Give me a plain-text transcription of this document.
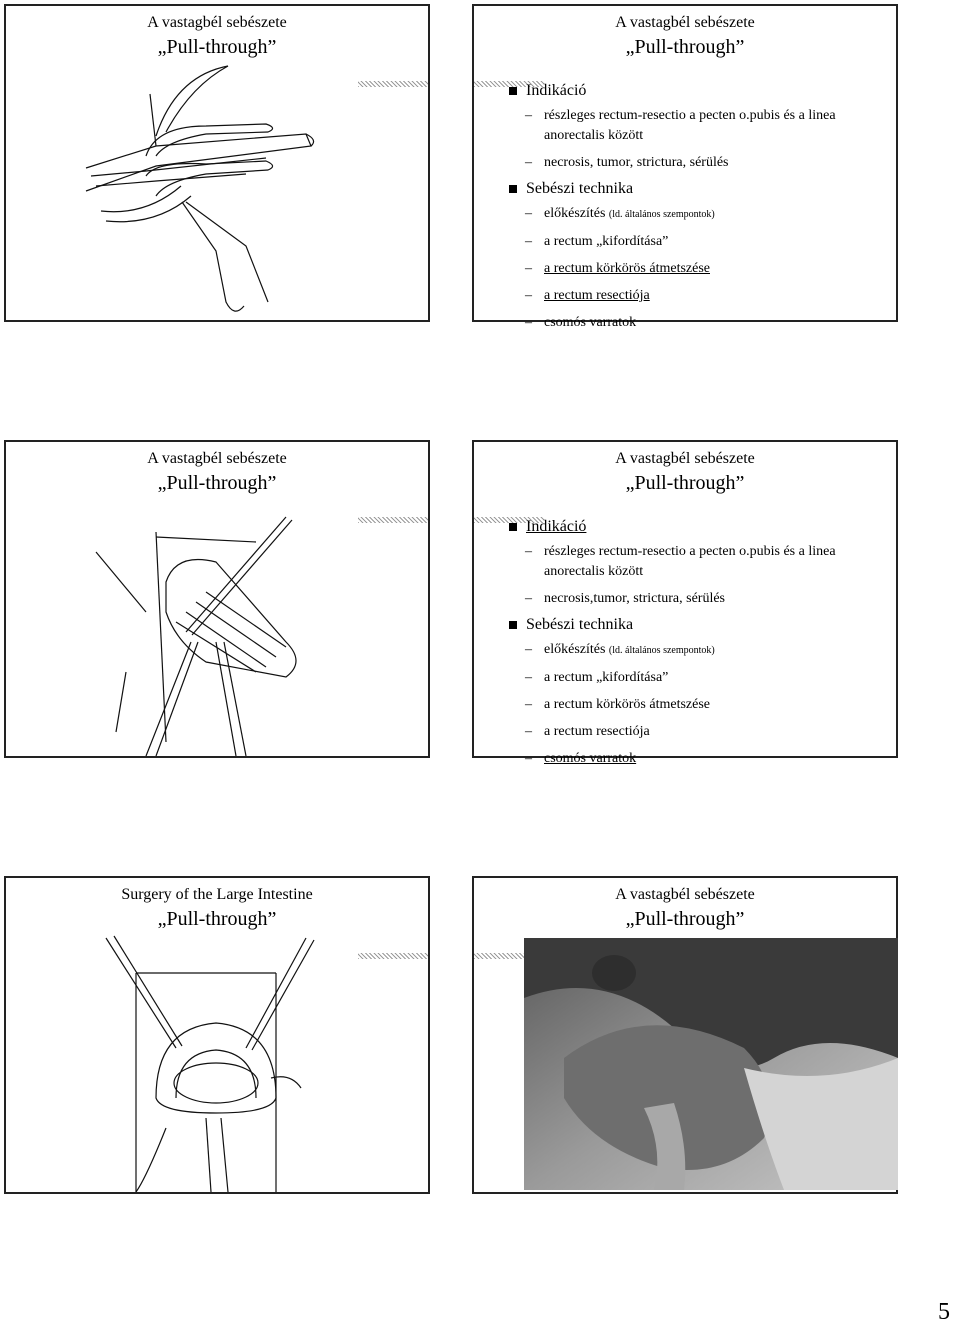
A vastagbél sebészete
„Pull-through”
A vastagbél sebészete
„Pull-through”
Indikáció
– részleges rectum-resectio a pecten o.pubis és a linea anorectalis között
– necrosis, tumor, strictura, sérülés
Sebészi technika
– előkészítés (ld. általános szempontok)
– a rectum „kifordítása”
– a rectum körkörös átmetszése
– a rectum resectiója
– csomós varratok
A vastagbél sebészete
„Pull-through”
A vastagbél sebészete
„Pull-through”
Indikáció
– részleges rectum-resectio a pecten o.pubis és a linea anorectalis között
– necrosis,tumor, strictura, sérülés
Sebészi technika
– előkészítés (ld. általános szempontok)
– a rectum „kifordítása”
– a rectum körkörös átmetszése
– a rectum resectiója
– csomós varratok
Surgery of the Large Intestine
„Pull-through”
A vastagbél sebészete
„Pull-through”
5
